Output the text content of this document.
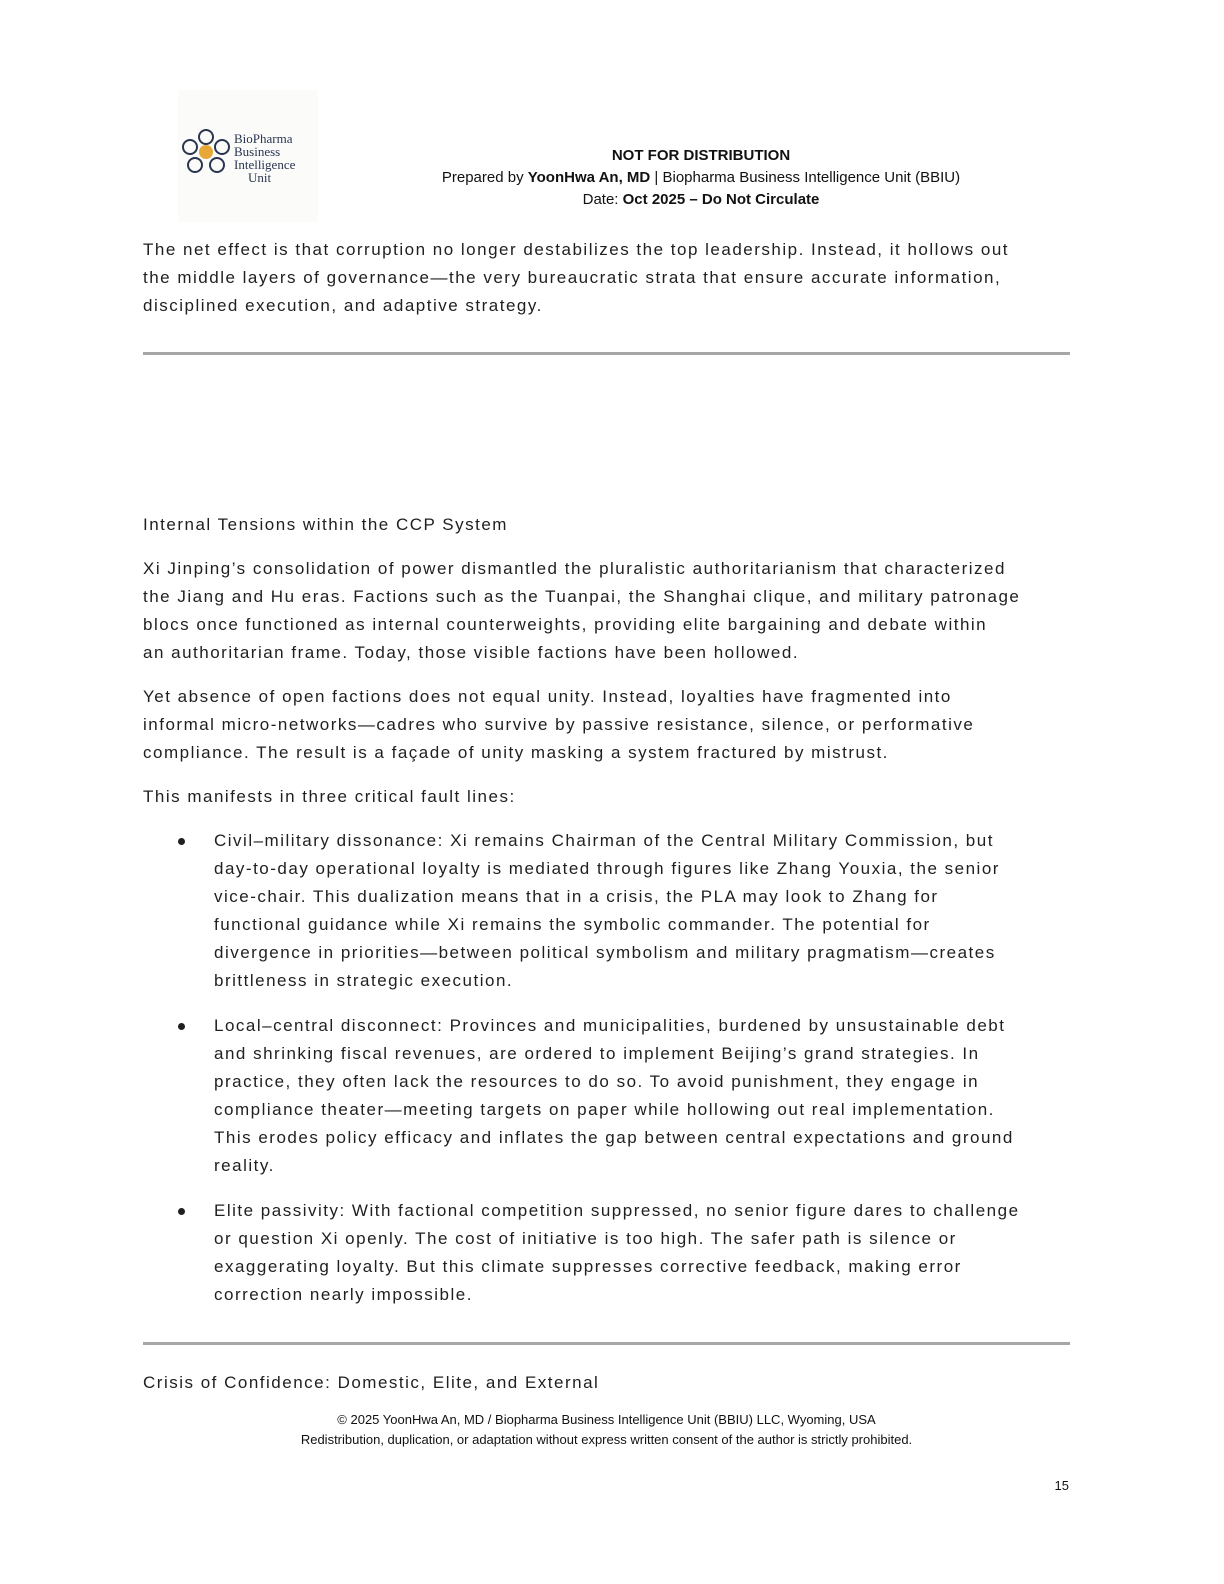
BioPharma
Business
Intelligence
Unit
NOT FOR DISTRIBUTION
Prepared by YoonHwa An, MD | Biopharma Business Intelligence Unit (BBIU)
Date: Oct 2025 – Do Not Circulate

The net effect is that corruption no longer destabilizes the top leadership. Instead, it hollows out

the middle layers of governance—the very bureaucratic strata that ensure accurate information,

disciplined execution, and adaptive strategy.

Internal Tensions within the CCP System

Xi Jinping’s consolidation of power dismantled the pluralistic authoritarianism that characterized

the Jiang and Hu eras. Factions such as the Tuanpai, the Shanghai clique, and military patronage

blocs once functioned as internal counterweights, providing elite bargaining and debate within

an authoritarian frame. Today, those visible factions have been hollowed.

Yet absence of open factions does not equal unity. Instead, loyalties have fragmented into

informal micro-networks—cadres who survive by passive resistance, silence, or performative

compliance. The result is a façade of unity masking a system fractured by mistrust.

This manifests in three critical fault lines:

Civil–military dissonance: Xi remains Chairman of the Central Military Commission, but

day-to-day operational loyalty is mediated through figures like Zhang Youxia, the senior

vice-chair. This dualization means that in a crisis, the PLA may look to Zhang for

functional guidance while Xi remains the symbolic commander. The potential for

divergence in priorities—between political symbolism and military pragmatism—creates

brittleness in strategic execution.

Local–central disconnect: Provinces and municipalities, burdened by unsustainable debt

and shrinking fiscal revenues, are ordered to implement Beijing’s grand strategies. In

practice, they often lack the resources to do so. To avoid punishment, they engage in

compliance theater—meeting targets on paper while hollowing out real implementation.

This erodes policy efficacy and inflates the gap between central expectations and ground

reality.

Elite passivity: With factional competition suppressed, no senior figure dares to challenge

or question Xi openly. The cost of initiative is too high. The safer path is silence or

exaggerating loyalty. But this climate suppresses corrective feedback, making error

correction nearly impossible.

Crisis of Confidence: Domestic, Elite, and External

© 2025 YoonHwa An, MD / Biopharma Business Intelligence Unit (BBIU) LLC, Wyoming, USA
Redistribution, duplication, or adaptation without express written consent of the author is strictly prohibited.
15
